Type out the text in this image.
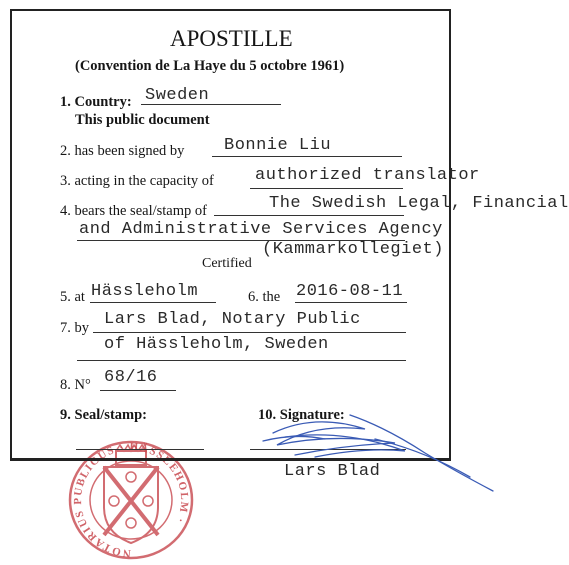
NOTARIUS PUBLICUS · HÄSSLEHOLM ·
APOSTILLE
(Convention de La Haye du 5 octobre 1961)
1. Country: Sweden
This public document
2. has been signed by Bonnie Liu
3. acting in the capacity of authorized translator
4. bears the seal/stamp of	The Swedish Legal, Financial
and Administrative Services Agency
(Kammarkollegiet)
Certified
5. at Hässleholm	6. the 2016-08-11
7. by Lars Blad, Notary Public
of Hässleholm, Sweden
8. N° 68/16
9. Seal/stamp:	10. Signature:
Lars Blad
